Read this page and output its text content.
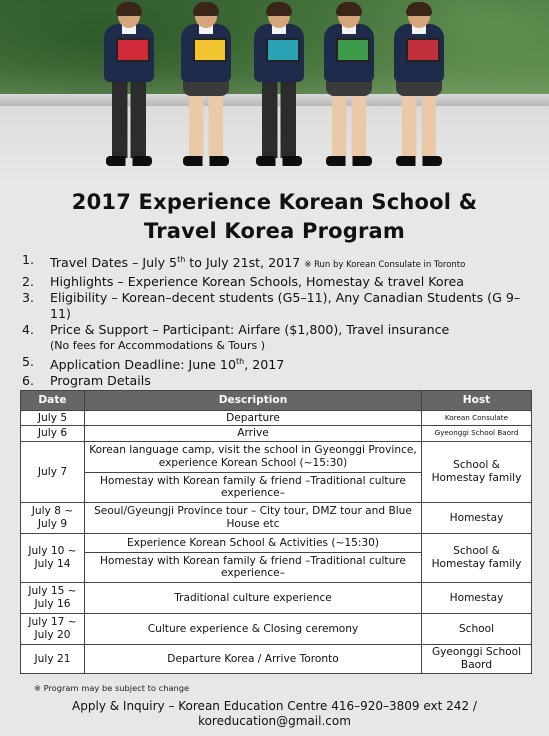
2017 Experience Korean School &
Travel Korea Program
1.	Travel Dates – July 5th to July 21st, 2017 ※ Run by Korean Consulate in Toronto
2.	Highlights – Experience Korean Schools, Homestay & travel Korea
3.	Eligibility – Korean–decent students (G5–11), Any Canadian Students (G 9–11)
4.	Price & Support – Participant: Airfare ($1,800), Travel insurance
(No fees for Accommodations & Tours )
5.	Application Deadline: June 10th, 2017
6.	Program Details
Date	Description	Host
July 5	Departure	Korean Consulate
July 6	Arrive	Gyeonggi School Baord
July 7	Korean language camp, visit the school in Gyeonggi Province, experience Korean School (~15:30)	School & Homestay family
	Homestay with Korean family & friend –Traditional culture experience–	
July 8 ~ July 9	Seoul/Gyeungji Province tour – City tour, DMZ tour and Blue House etc	Homestay
July 10 ~ July 14	Experience Korean School & Activities (~15:30)	School & Homestay family
	Homestay with Korean family & friend –Traditional culture experience–	
July 15 ~ July 16	Traditional culture experience	Homestay
July 17 ~ July 20	Culture experience & Closing ceremony	School
July 21	Departure Korea / Arrive Toronto	Gyeonggi School Baord
※ Program may be subject to change
Apply & Inquiry – Korean Education Centre 416–920–3809 ext 242 /
koreducation@gmail.com
